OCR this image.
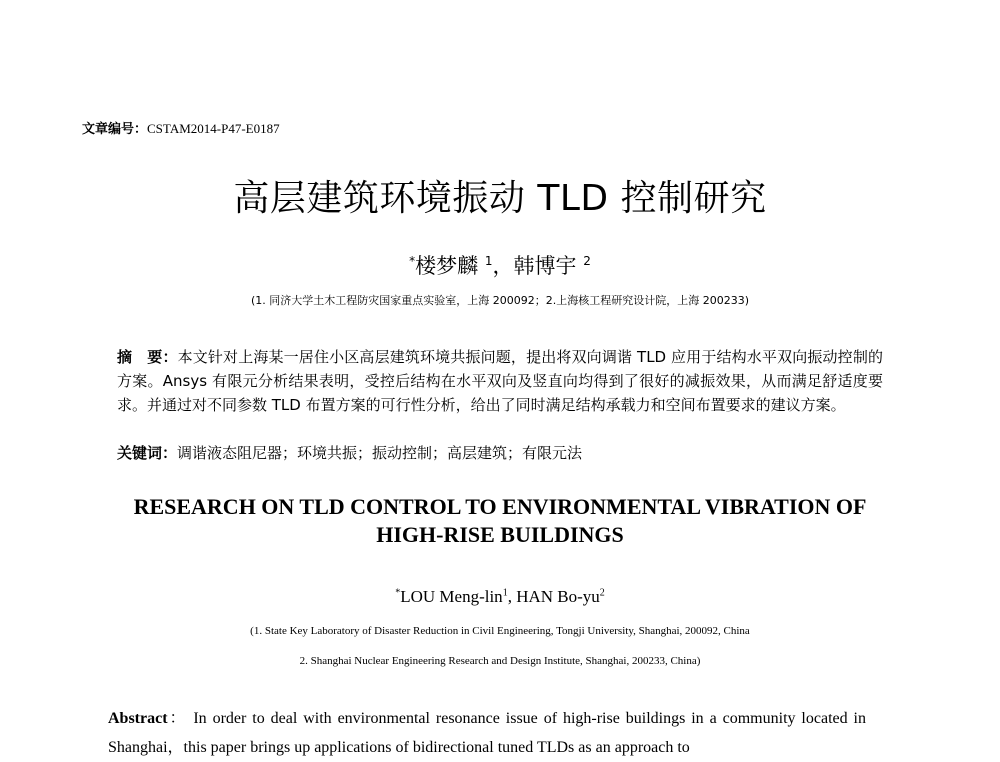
文章编号：CSTAM2014-P47-E0187
高层建筑环境振动 TLD 控制研究
*楼梦麟 $^1$，韩博宇 $^2$
(1. 同济大学土木工程防灾国家重点实验室，上海 200092；2.上海核工程研究设计院，上海 200233)
摘　要：本文针对上海某一居住小区高层建筑环境共振问题，提出将双向调谐 TLD 应用于结构水平双向振动控制的方案。Ansys 有限元分析结果表明，受控后结构在水平双向及竖直向均得到了很好的减振效果，从而满足舒适度要求。并通过对不同参数 TLD 布置方案的可行性分析，给出了同时满足结构承载力和空间布置要求的建议方案。
关键词：调谐液态阻尼器；环境共振；振动控制；高层建筑；有限元法
RESEARCH ON TLD CONTROL TO ENVIRONMENTAL VIBRATION OF
HIGH-RISE BUILDINGS
*LOU Meng-lin$^1$, HAN $Bo-yu^2$
(1. State Key Laboratory of Disaster Reduction in Civil Engineering, Tongji University, Shanghai, 200092, China
2. Shanghai Nuclear Engineering Research and Design Institute, Shanghai, 200233, China)
Abstract： In order to deal with environmental resonance issue of high-rise buildings in a community located in Shanghai，this paper brings up applications of bidirectional tuned TLDs as an approach to
